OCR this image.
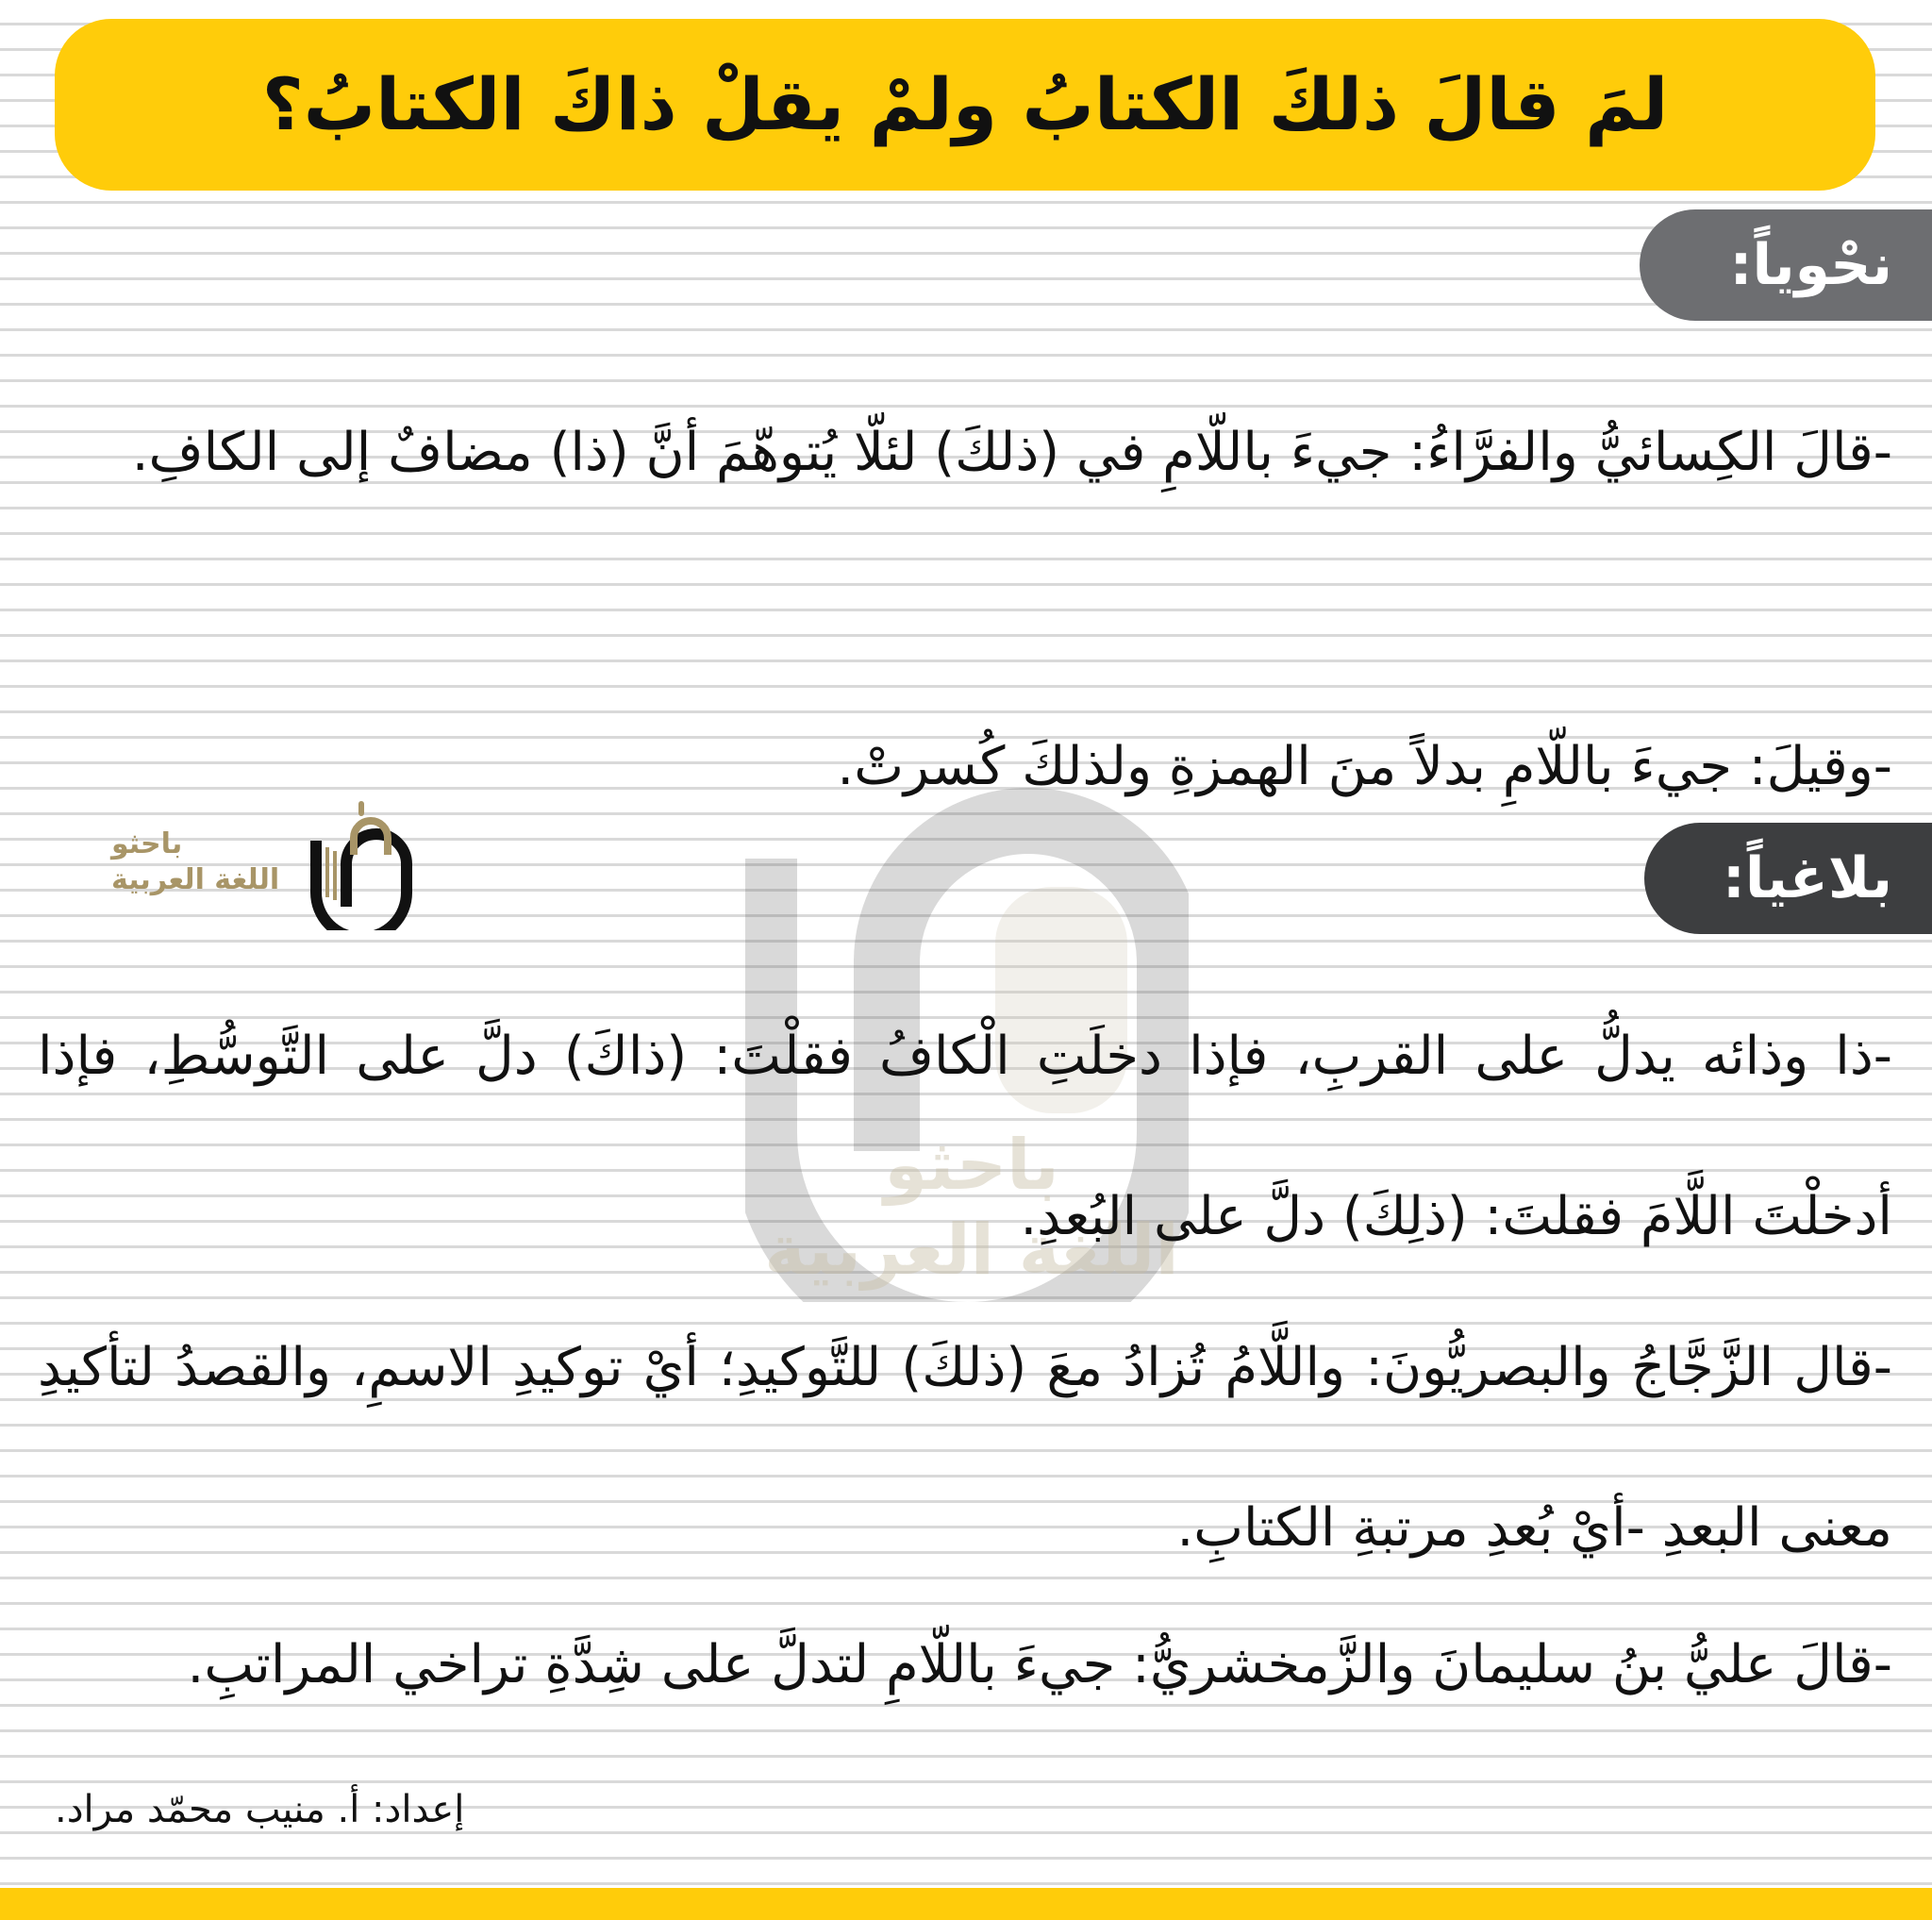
لمَ قالَ ذلكَ الكتابُ ولمْ يقلْ ذاكَ الكتابُ؟
نحْوياً:

-قالَ الكِسائيُّ والفرَّاءُ: جيءَ باللّامِ في (ذلكَ) لئلّا يُتوهّمَ أنَّ (ذا) مضافٌ إلى الكافِ.

-وقيلَ: جيءَ باللّامِ بدلاً منَ الهمزةِ ولذلكَ كُسرتْ.

باحثو
اللغة العربية
باحثو
اللغة العربية	بلاغياً:

-ذا وذائه يدلُّ على القربِ، فإذا دخلَتِ الْكافُ فقلْتَ: (ذاكَ) دلَّ على التَّوسُّطِ، فإذا أدخلْتَ اللَّامَ فقلتَ: (ذلِكَ) دلَّ على البُعدِ.

-قال الزَّجَّاجُ والبصريُّونَ: واللَّامُ تُزادُ معَ (ذلكَ) للتَّوكيدِ؛ أيْ توكيدِ الاسمِ، والقصدُ لتأكيدِ معنى البعدِ -أيْ بُعدِ مرتبةِ الكتابِ.

-قالَ عليُّ بنُ سليمانَ والزَّمخشريُّ: جيءَ باللّامِ لتدلَّ على شِدَّةِ تراخي المراتبِ.

إعداد: أ. منيب محمّد مراد.
